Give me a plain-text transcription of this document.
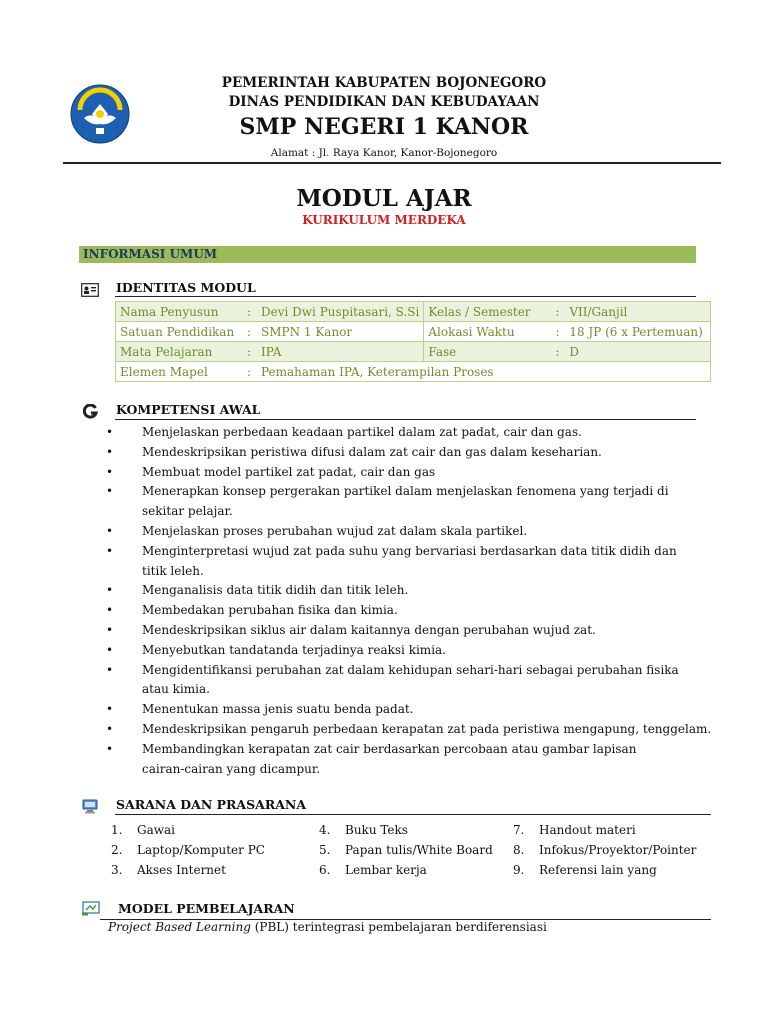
PEMERINTAH KABUPATEN BOJONEGORO
DINAS PENDIDIKAN DAN KEBUDAYAAN
SMP NEGERI 1 KANOR
Alamat : Jl. Raya Kanor, Kanor-Bojonegoro
MODUL AJAR
KURIKULUM MERDEKA
INFORMASI UMUM
IDENTITAS MODUL
Nama Penyusun	:	Devi Dwi Puspitasari, S.Si	Kelas / Semester	:	VII/Ganjil
Satuan Pendidikan	:	SMPN 1 Kanor	Alokasi Waktu	:	18 JP (6 x Pertemuan)
Mata Pelajaran	:	IPA	Fase	:	D
Elemen Mapel	:	Pemahaman IPA, Keterampilan Proses			
KOMPETENSI AWAL
• Menjelaskan perbedaan keadaan partikel dalam zat padat, cair dan gas.
• Mendeskripsikan peristiwa difusi dalam zat cair dan gas dalam keseharian.
• Membuat model partikel zat padat, cair dan gas
• Menerapkan konsep pergerakan partikel dalam menjelaskan fenomena yang terjadi di sekitar pelajar.
• Menjelaskan proses perubahan wujud zat dalam skala partikel.
• Menginterpretasi wujud zat pada suhu yang bervariasi berdasarkan data titik didih dan titik leleh.
• Menganalisis data titik didih dan titik leleh.
• Membedakan perubahan fisika dan kimia.
• Mendeskripsikan siklus air dalam kaitannya dengan perubahan wujud zat.
• Menyebutkan tandatanda terjadinya reaksi kimia.
• Mengidentifikansi perubahan zat dalam kehidupan sehari-hari sebagai perubahan fisika atau kimia.
• Menentukan massa jenis suatu benda padat.
• Mendeskripsikan pengaruh perbedaan kerapatan zat pada peristiwa mengapung, tenggelam.
• Membandingkan kerapatan zat cair berdasarkan percobaan atau gambar lapisan cairan-cairan yang dicampur.
SARANA DAN PRASARANA
1. Gawai
2. Laptop/Komputer PC
3. Akses Internet
4. Buku Teks
5. Papan tulis/White Board
6. Lembar kerja
7. Handout materi
8. Infokus/Proyektor/Pointer
9. Referensi lain yang
MODEL PEMBELAJARAN
Project Based Learning (PBL) terintegrasi pembelajaran berdiferensiasi
